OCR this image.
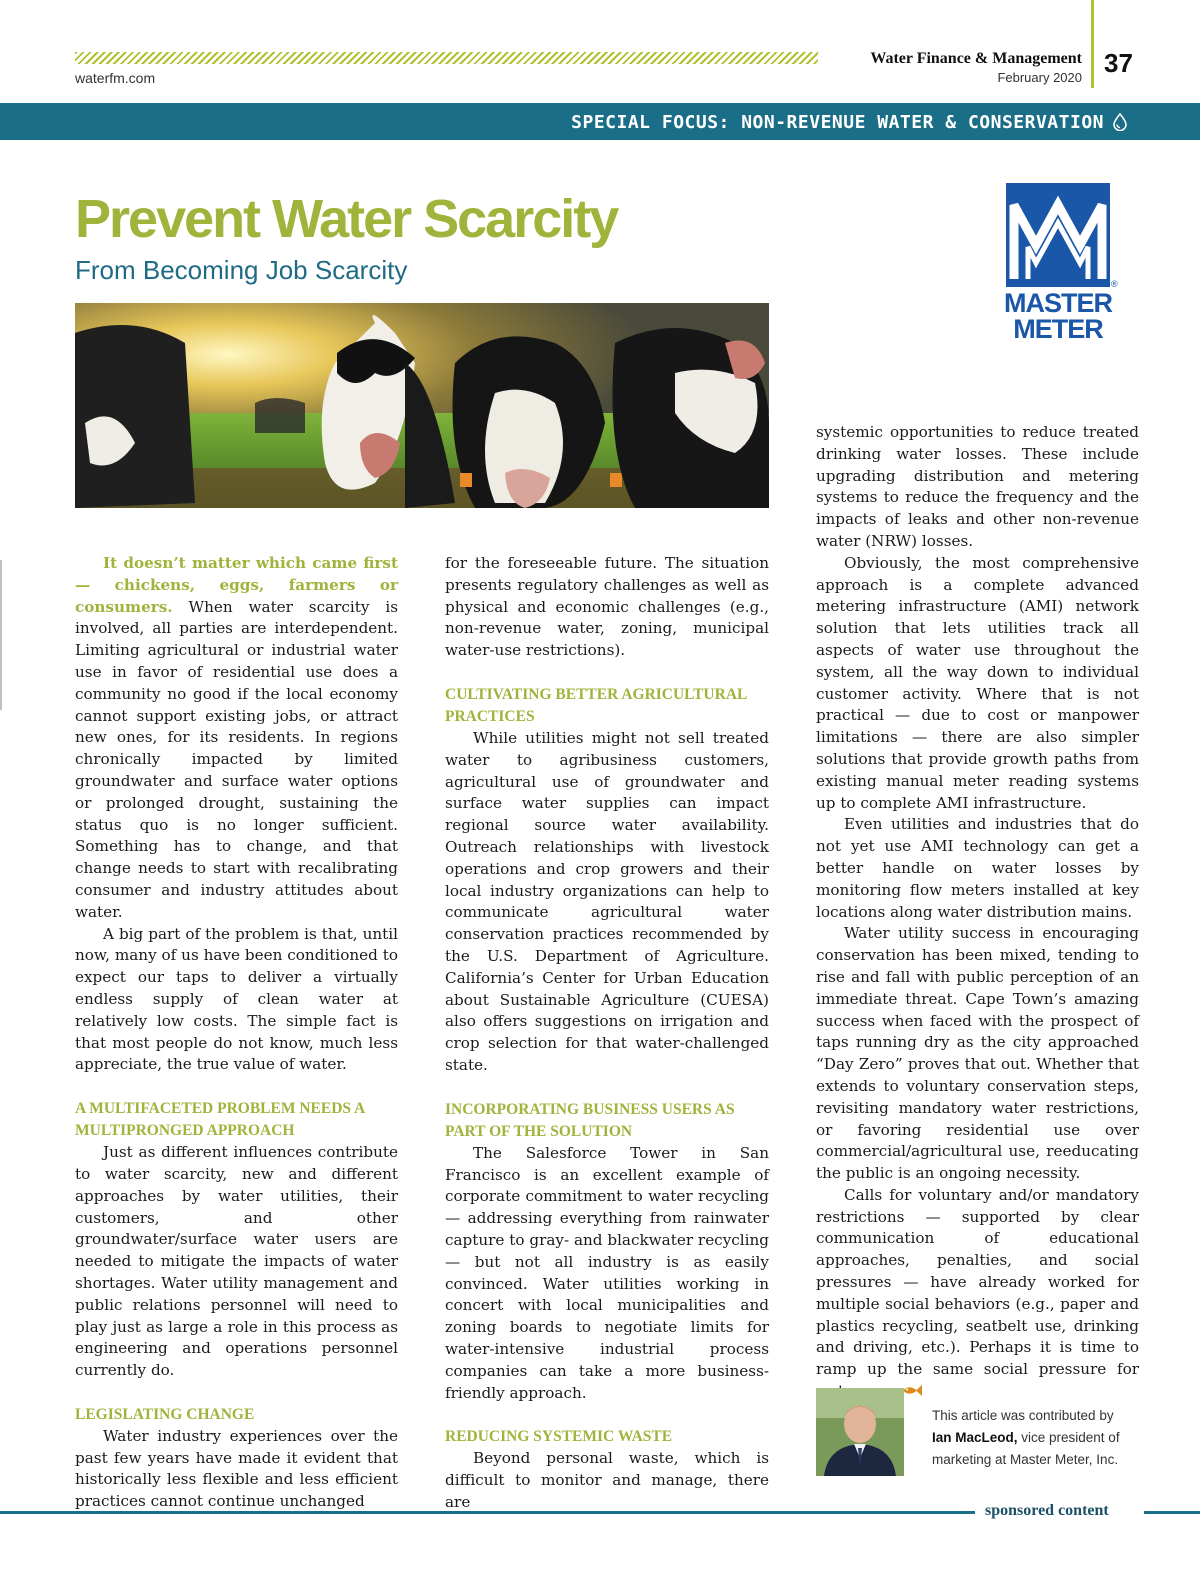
waterfm.com
Water Finance & Management
February 2020 37
SPECIAL FOCUS: NON-REVENUE WATER & CONSERVATION
Prevent Water Scarcity
From Becoming Job Scarcity
MASTER
METER
®

It doesn’t matter which came first — chickens, eggs, farmers or consumers. When water scarcity is involved, all parties are interdependent. Limiting agricultural or industrial water use in favor of residential use does a community no good if the local economy cannot support existing jobs, or attract new ones, for its residents. In regions chronically impacted by limited groundwater and surface water options or prolonged drought, sustaining the status quo is no longer sufficient. Something has to change, and that change needs to start with recalibrating consumer and industry attitudes about water.

A big part of the problem is that, until now, many of us have been conditioned to expect our taps to deliver a virtually endless supply of clean water at relatively low costs. The simple fact is that most people do not know, much less appreciate, the true value of water.

A MULTIFACETED PROBLEM NEEDS A MULTIPRONGED APPROACH

Just as different influences contribute to water scarcity, new and different approaches by water utilities, their customers, and other groundwater/surface water users are needed to mitigate the impacts of water shortages. Water utility management and public relations personnel will need to play just as large a role in this process as engineering and operations personnel currently do.

LEGISLATING CHANGE

Water industry experiences over the past few years have made it evident that historically less flexible and less efficient practices cannot continue unchanged

for the foreseeable future. The situation presents regulatory challenges as well as physical and economic challenges (e.g., non-revenue water, zoning, municipal water-use restrictions).

CULTIVATING BETTER AGRICULTURAL PRACTICES

While utilities might not sell treated water to agribusiness customers, agricultural use of groundwater and surface water supplies can impact regional source water availability. Outreach relationships with livestock operations and crop growers and their local industry organizations can help to communicate agricultural water conservation practices recommended by the U.S. Department of Agriculture. California’s Center for Urban Education about Sustainable Agriculture (CUESA) also offers suggestions on irrigation and crop selection for that water-challenged state.

INCORPORATING BUSINESS USERS AS PART OF THE SOLUTION

The Salesforce Tower in San Francisco is an excellent example of corporate commitment to water recycling — addressing everything from rainwater capture to gray- and blackwater recycling — but not all industry is as easily convinced. Water utilities working in concert with local municipalities and zoning boards to negotiate limits for water-intensive industrial process companies can take a more business-friendly approach.

REDUCING SYSTEMIC WASTE

Beyond personal waste, which is difficult to monitor and manage, there are

systemic opportunities to reduce treated drinking water losses. These include upgrading distribution and metering systems to reduce the frequency and the impacts of leaks and other non-revenue water (NRW) losses.

Obviously, the most comprehensive approach is a complete advanced metering infrastructure (AMI) network solution that lets utilities track all aspects of water use throughout the system, all the way down to individual customer activity. Where that is not practical — due to cost or manpower limitations — there are also simpler solutions that provide growth paths from existing manual meter reading systems up to complete AMI infrastructure.

Even utilities and industries that do not yet use AMI technology can get a better handle on water losses by monitoring flow meters installed at key locations along water distribution mains.

Water utility success in encouraging conservation has been mixed, tending to rise and fall with public perception of an immediate threat. Cape Town’s amazing success when faced with the prospect of taps running dry as the city approached “Day Zero” proves that out. Whether that extends to voluntary conservation steps, revisiting mandatory water restrictions, or favoring residential use over commercial/agricultural use, reeducating the public is an ongoing necessity.

Calls for voluntary and/or mandatory restrictions — supported by clear communication of educational approaches, penalties, and social pressures — have already worked for multiple social behaviors (e.g., paper and plastics recycling, seatbelt use, drinking and driving, etc.). Perhaps it is time to ramp up the same social pressure for

This article was contributed by
Ian MacLeod, vice president of marketing at Master Meter, Inc.
sponsored content
